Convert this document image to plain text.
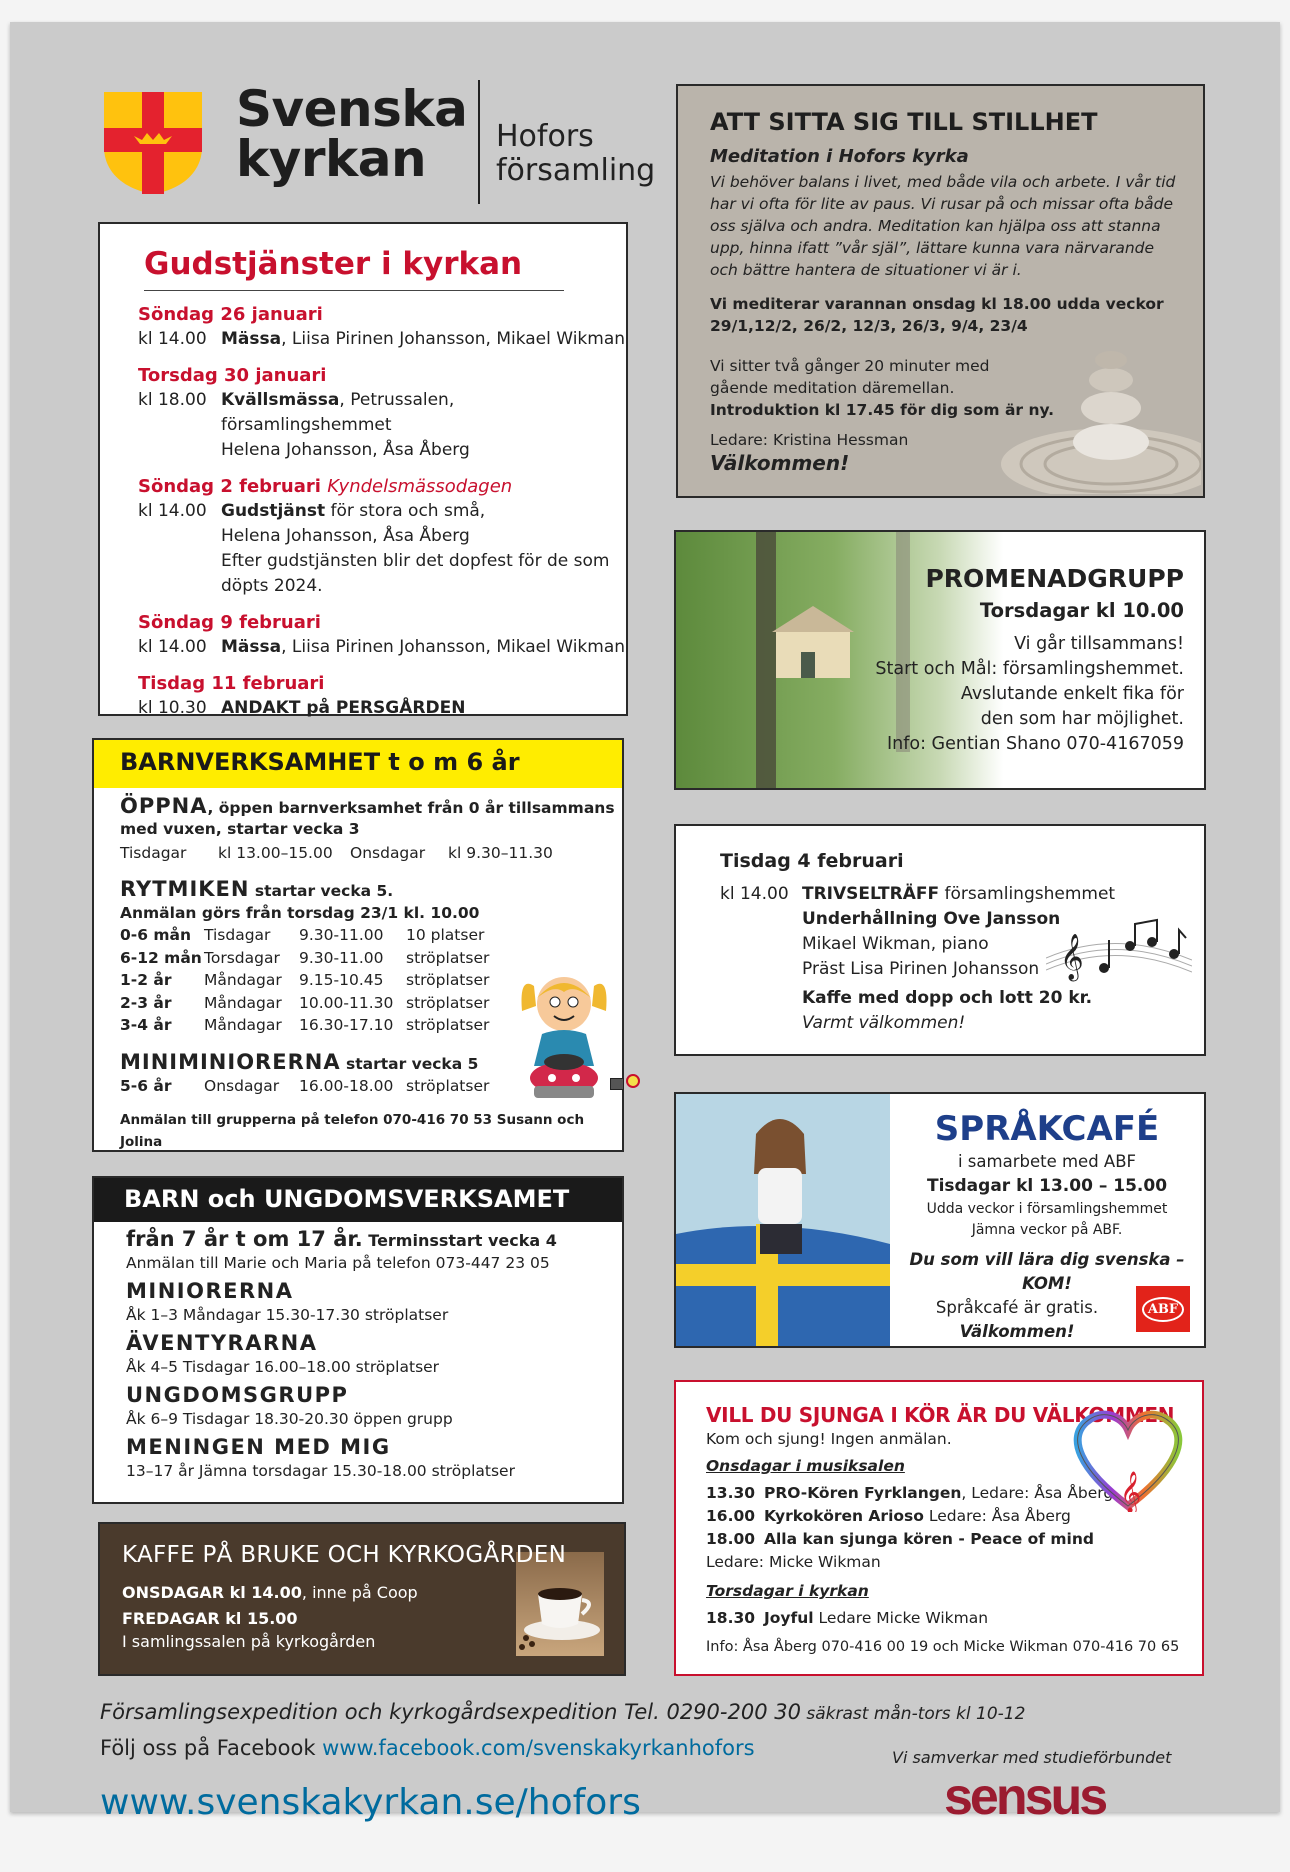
Svenska
kyrkan	Hofors
församling
Gudstjänster i kyrkan
Söndag 26 januari
kl 14.00 Mässa, Liisa Pirinen Johansson, Mikael Wikman
Torsdag 30 januari
kl 18.00 Kvällsmässa, Petrussalen, församlingshemmet
Helena Johansson, Åsa Åberg
Söndag 2 februari Kyndelsmässodagen
kl 14.00 Gudstjänst för stora och små,
Helena Johansson, Åsa Åberg
Efter gudstjänsten blir det dopfest för de som döpts 2024.
Söndag 9 februari
kl 14.00 Mässa, Liisa Pirinen Johansson, Mikael Wikman
Tisdag 11 februari
kl 10.30 ANDAKT på PERSGÅRDEN
BARNVERKSAMHET t o m 6 år
ÖPPNA, öppen barnverksamhet från 0 år tillsammans med vuxen, startar vecka 3
Tisdagar	kl 13.00–15.00	Onsdagar	kl 9.30–11.30
RYTMIKEN startar vecka 5.
Anmälan görs från torsdag 23/1 kl. 10.00
0-6 mån Tisdagar	9.30-11.00	10 platser
6-12 mån Torsdagar	9.30-11.00	ströplatser
1-2 år	Måndagar	9.15-10.45	ströplatser
2-3 år	Måndagar	10.00-11.30 ströplatser
3-4 år	Måndagar	16.30-17.10 ströplatser
MINIMINIORERNA startar vecka 5
5-6 år	Onsdagar	16.00-18.00 ströplatser
Anmälan till grupperna på telefon 070-416 70 53 Susann och Jolina
BARN och UNGDOMSVERKSAMET
från 7 år t om 17 år. Terminsstart vecka 4
Anmälan till Marie och Maria på telefon 073-447 23 05
MINIORERNA
Åk 1–3 Måndagar 15.30-17.30 ströplatser
ÄVENTYRARNA
Åk 4–5 Tisdagar 16.00–18.00 ströplatser
UNGDOMSGRUPP
Åk 6–9 Tisdagar 18.30-20.30 öppen grupp
MENINGEN MED MIG
13–17 år Jämna torsdagar 15.30-18.00 ströplatser
KAFFE PÅ BRUKE OCH KYRKOGÅRDEN
ONSDAGAR kl 14.00, inne på Coop
FREDAGAR kl 15.00
I samlingssalen på kyrkogården
ATT SITTA SIG TILL STILLHET
Meditation i Hofors kyrka
Vi behöver balans i livet, med både vila och arbete. I vår tid har vi ofta för lite av paus. Vi rusar på och missar ofta både oss själva och andra. Meditation kan hjälpa oss att stanna upp, hinna ifatt ”vår själ”, lättare kunna vara närvarande och bättre hantera de situationer vi är i.
Vi mediterar varannan onsdag kl 18.00 udda veckor 29/1,12/2, 26/2, 12/3, 26/3, 9/4, 23/4
Vi sitter två gånger 20 minuter med gående meditation däremellan.
Introduktion kl 17.45 för dig som är ny.
Ledare: Kristina Hessman
Välkommen!
PROMENADGRUPP
Torsdagar kl 10.00
Vi går tillsammans!
Start och Mål: församlingshemmet.
Avslutande enkelt fika för
den som har möjlighet.
Info: Gentian Shano 070-4167059
Tisdag 4 februari
kl 14.00 TRIVSELTRÄFF församlingshemmet
Underhållning Ove Jansson
Mikael Wikman, piano
Präst Lisa Pirinen Johansson
Kaffe med dopp och lott 20 kr.
Varmt välkommen!
𝄞
SPRÅKCAFÉ
i samarbete med ABF
Tisdagar kl 13.00 – 15.00
Udda veckor i församlingshemmet
Jämna veckor på ABF.
Du som vill lära dig svenska – KOM!
Språkcafé är gratis.
Välkommen!
ABF
VILL DU SJUNGA I KÖR ÄR DU VÄLKOMMEN
Kom och sjung! Ingen anmälan.
Onsdagar i musiksalen
13.30 PRO-Kören Fyrklangen, Ledare: Åsa Åberg
16.00 Kyrkokören Arioso Ledare: Åsa Åberg
18.00 Alla kan sjunga kören - Peace of mind
Ledare: Micke Wikman
Torsdagar i kyrkan
18.30 Joyful Ledare Micke Wikman
Info: Åsa Åberg 070-416 00 19 och Micke Wikman 070-416 70 65
𝄞
Församlingsexpedition och kyrkogårdsexpedition Tel. 0290-200 30 säkrast mån-tors kl 10-12
Följ oss på Facebook www.facebook.com/svenskakyrkanhofors
www.svenskakyrkan.se/hofors
Vi samverkar med studieförbundet
sensus
